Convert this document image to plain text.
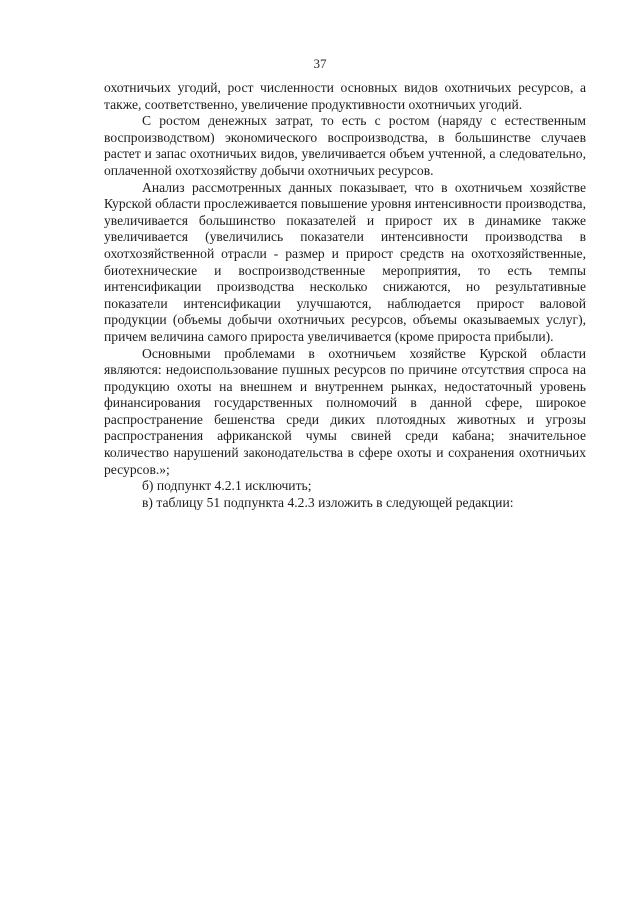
37

охотничьих угодий, рост численности основных видов охотничьих ресурсов, а также, соответственно, увеличение продуктивности охотничьих угодий.

С ростом денежных затрат, то есть с ростом (наряду с естественным воспроизводством) экономического воспроизводства, в большинстве случаев растет и запас охотничьих видов, увеличивается объем учтенной, а следовательно, оплаченной охотхозяйству добычи охотничьих ресурсов.

Анализ рассмотренных данных показывает, что в охотничьем хозяйстве Курской области прослеживается повышение уровня интенсивности производства, увеличивается большинство показателей и прирост их в динамике также увеличивается (увеличились показатели интенсивности производства в охотхозяйственной отрасли - размер и прирост средств на охотхозяйственные, биотехнические и воспроизводственные мероприятия, то есть темпы интенсификации производства несколько снижаются, но результативные показатели интенсификации улучшаются, наблюдается прирост валовой продукции (объемы добычи охотничьих ресурсов, объемы оказываемых услуг), причем величина самого прироста увеличивается (кроме прироста прибыли).

Основными проблемами в охотничьем хозяйстве Курской области являются: недоиспользование пушных ресурсов по причине отсутствия спроса на продукцию охоты на внешнем и внутреннем рынках, недостаточный уровень финансирования государственных полномочий в данной сфере, широкое распространение бешенства среди диких плотоядных животных и угрозы распространения африканской чумы свиней среди кабана; значительное количество нарушений законодательства в сфере охоты и сохранения охотничьих ресурсов.»;

б) подпункт 4.2.1 исключить;

в) таблицу 51 подпункта 4.2.3 изложить в следующей редакции:
